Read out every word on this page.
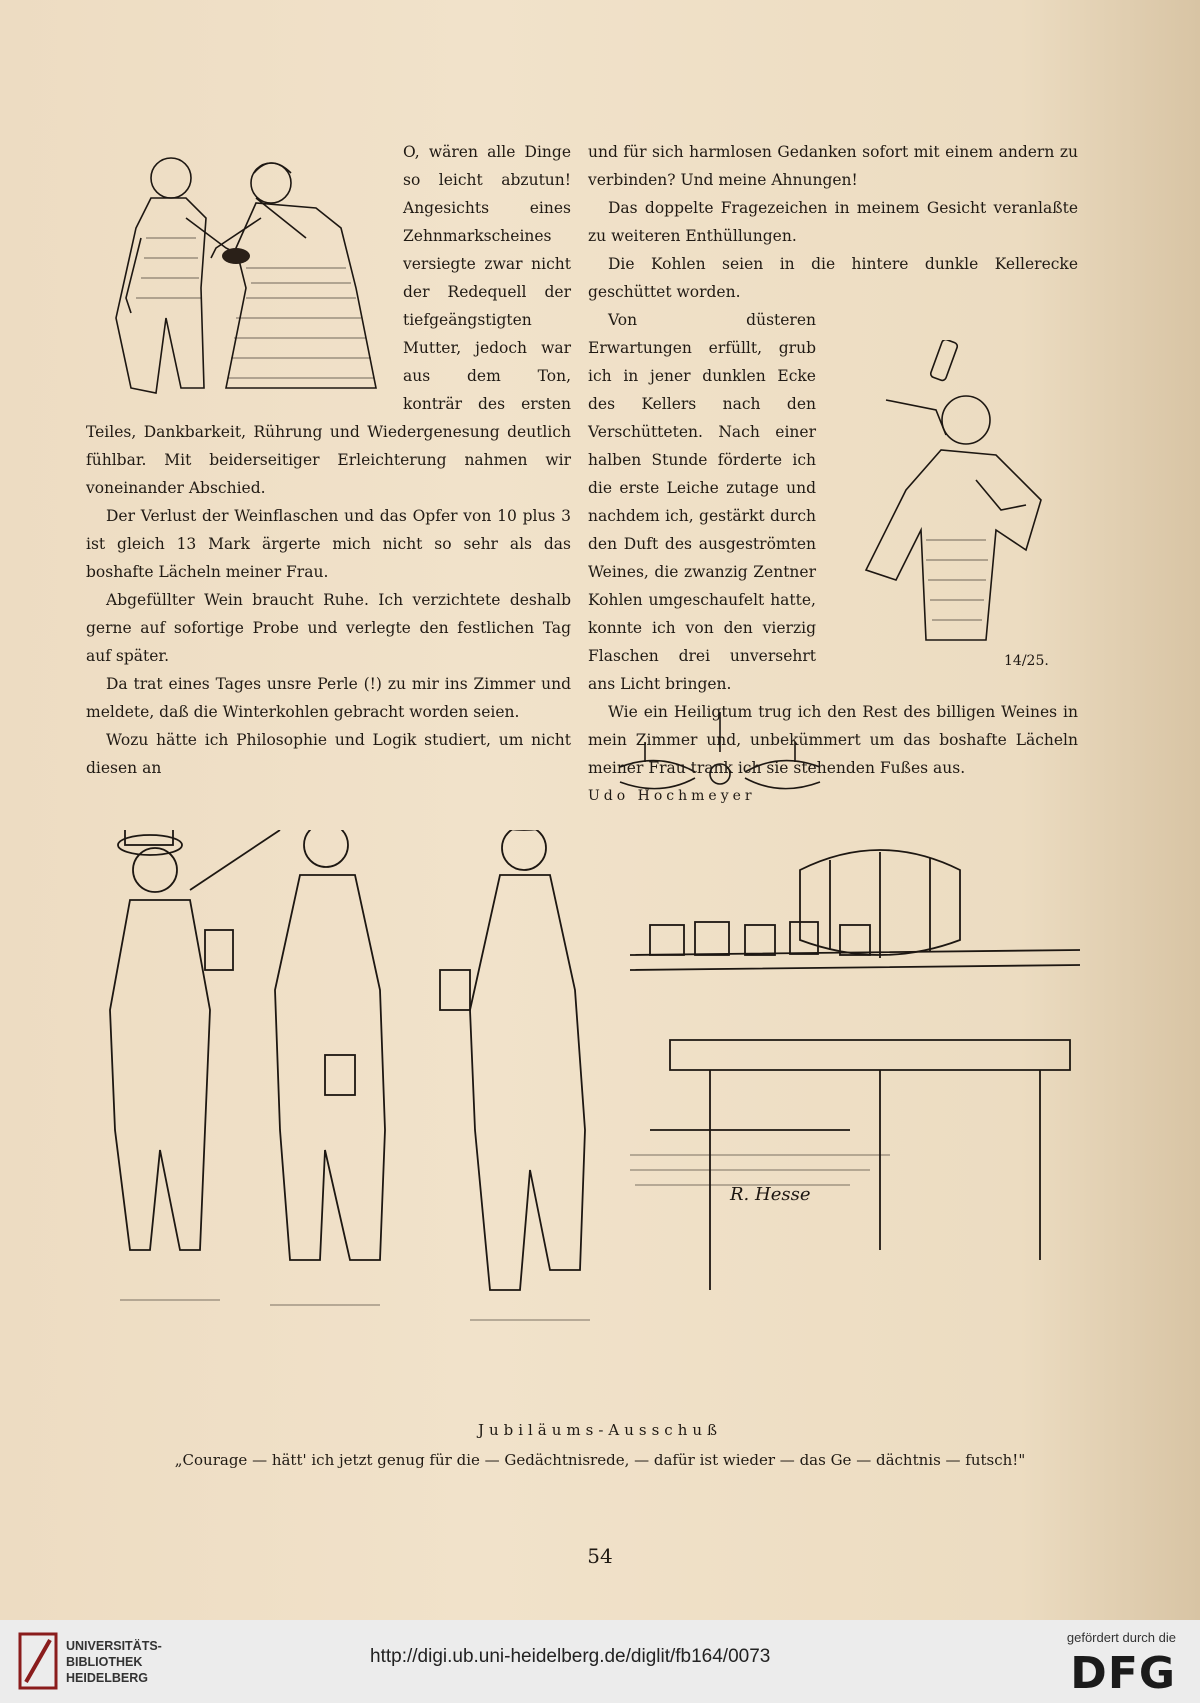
O, wären alle Dinge so leicht abzutun! Angesichts eines Zehnmarkscheines versiegte zwar nicht der Redequell der tiefgeängstigten Mutter, jedoch war aus dem Ton, konträr des ersten Teiles, Dankbarkeit, Rührung und Wiedergenesung deutlich fühlbar. Mit beiderseitiger Erleichterung nahmen wir voneinander Abschied.

Der Verlust der Weinflaschen und das Opfer von 10 plus 3 ist gleich 13 Mark ärgerte mich nicht so sehr als das boshafte Lächeln meiner Frau.

Abgefüllter Wein braucht Ruhe. Ich verzichtete deshalb gerne auf sofortige Probe und verlegte den festlichen Tag auf später.

Da trat eines Tages unsre Perle (!) zu mir ins Zimmer und meldete, daß die Winterkohlen gebracht worden seien.

Wozu hätte ich Philosophie und Logik studiert, um nicht diesen an

und für sich harmlosen Gedanken sofort mit einem andern zu verbinden? Und meine Ahnungen!

Das doppelte Fragezeichen in meinem Gesicht veranlaßte zu weiteren Enthüllungen.

Die Kohlen seien in die hintere dunkle Kellerecke geschüttet worden.

14/25.

Von düsteren Erwartungen erfüllt, grub ich in jener dunklen Ecke des Kellers nach den Verschütteten. Nach einer halben Stunde förderte ich die erste Leiche zutage und nachdem ich, gestärkt durch den Duft des ausgeströmten Weines, die zwanzig Zentner Kohlen umgeschaufelt hatte, konnte ich von den vierzig Flaschen drei unversehrt ans Licht bringen.

Wie ein Heiligtum trug ich den Rest des billigen Weines in mein Zimmer und, unbekümmert um das boshafte Lächeln meiner Frau trank ich sie stehenden Fußes aus.

Udo Hochmeyer

R. Hesse
Jubiläums-Ausschuß
„Courage — hätt' ich jetzt genug für die — Gedächtnisrede, — dafür ist wieder — das Ge — dächtnis — futsch!"
54
UNIVERSITÄTS-
BIBLIOTHEK
HEIDELBERG
http://digi.ub.uni-heidelberg.de/diglit/fb164/0073
gefördert durch die
DFG
